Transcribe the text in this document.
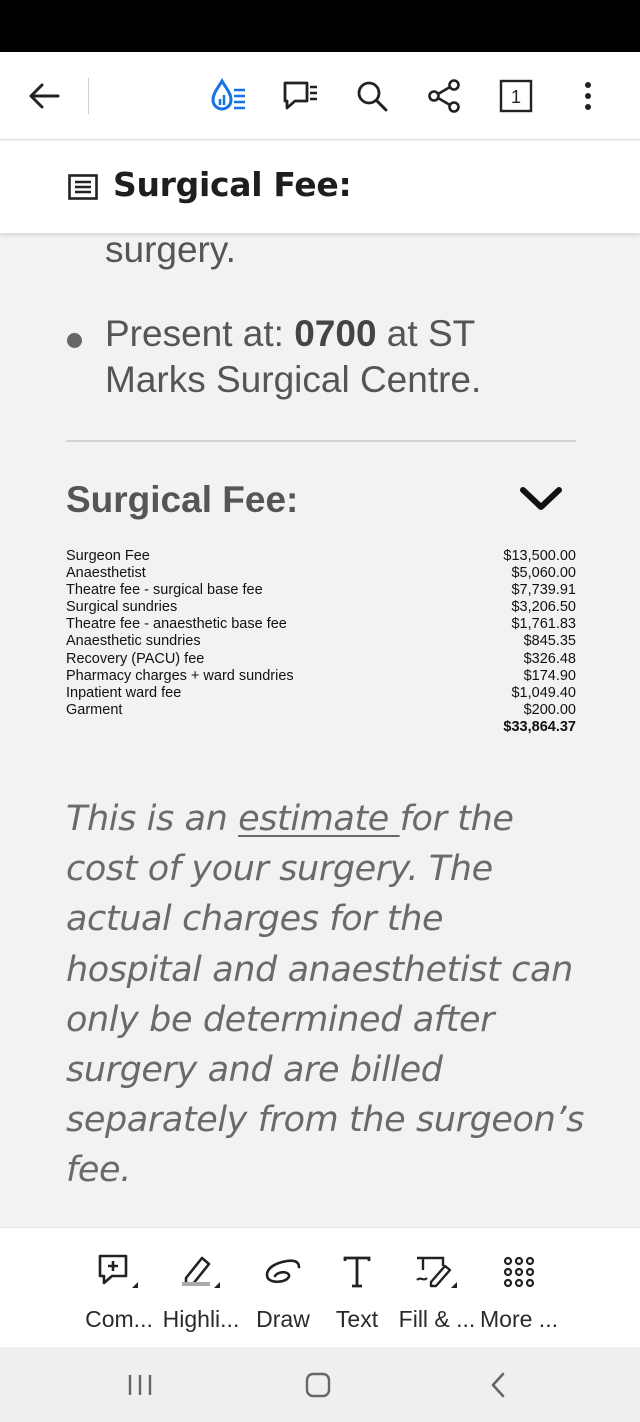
1
Surgical Fee:
surgery.
Present at: 0700 at ST Marks Surgical Centre.
Surgical Fee:
Surgeon Fee	$13,500.00
Anaesthetist	$5,060.00
Theatre fee - surgical base fee	$7,739.91
Surgical sundries	$3,206.50
Theatre fee - anaesthetic base fee	$1,761.83
Anaesthetic sundries	$845.35
Recovery (PACU) fee	$326.48
Pharmacy charges + ward sundries	$174.90
Inpatient ward fee	$1,049.40
Garment	$200.00
$33,864.37
This is an estimate for the cost of your surgery. The actual charges for the hospital and anaesthetist can only be determined after surgery and are billed separately from the surgeon’s fee.
Com... Highli... Draw	Text Fill & ... More ...
